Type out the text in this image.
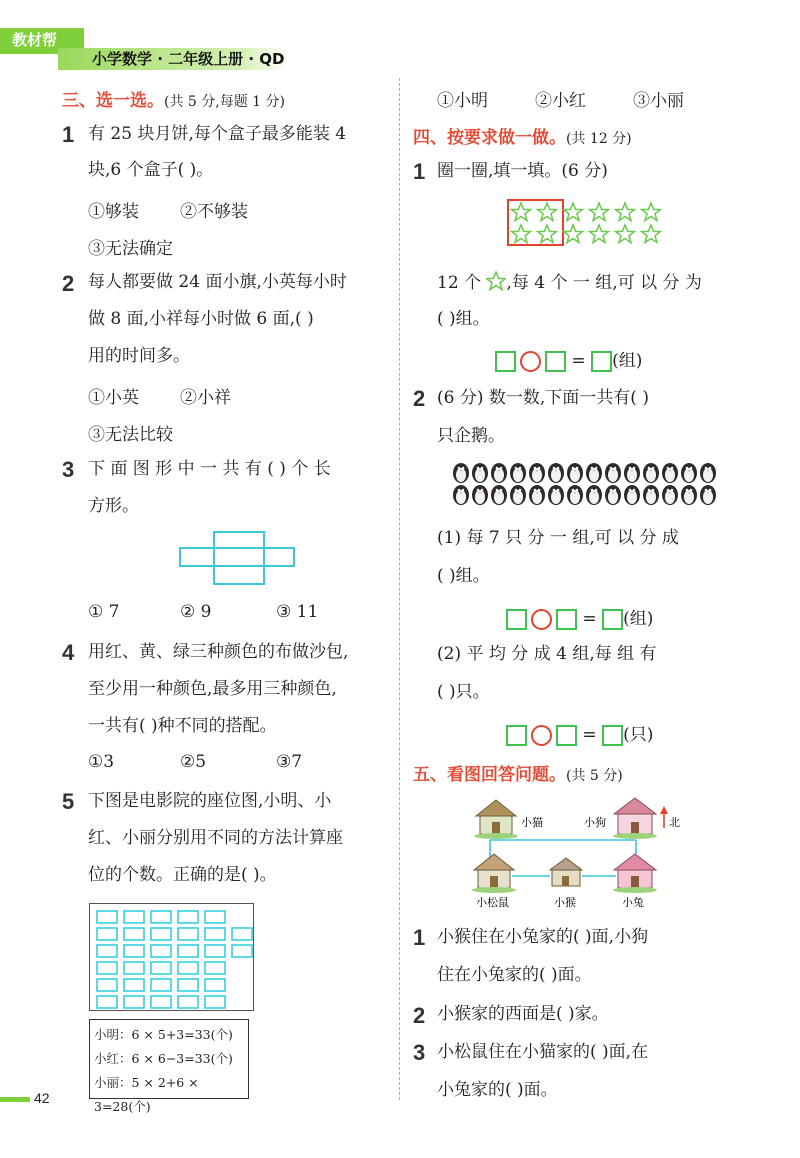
教材帮
小学数学 · 二年级上册 · QD
三、选一选。(共 5 分,每题 1 分)
1 有 25 块月饼,每个盒子最多能装 4
块,6 个盒子( )。
①够装 ②不够装
③无法确定
2 每人都要做 24 面小旗,小英每小时
做 8 面,小祥每小时做 6 面,( )
用的时间多。
①小英 ②小祥
③无法比较
3 下 面 图 形 中 一 共 有 ( ) 个 长
方形。
① 7	② 9	③ 11
4 用红、黄、绿三种颜色的布做沙包,
至少用一种颜色,最多用三种颜色,
一共有( )种不同的搭配。
①3	②5	③7
5 下图是电影院的座位图,小明、小
红、小丽分别用不同的方法计算座
位的个数。正确的是( )。
小明：6 × 5+3=33(个)
小红：6 × 6−3=33(个)
小丽：5 × 2+6 × 3=28(个)
42
①小明	②小红	③小丽
四、按要求做一做。(共 12 分)
1 圈一圈,填一填。(6 分)
12 个 ,每 4 个 一 组,可 以 分 为
( )组。
= (组)
2 (6 分) 数一数,下面一共有( )
只企鹅。
(1) 每 7 只 分 一 组,可 以 分 成
( )组。
= (组)
(2) 平 均 分 成 4 组,每 组 有
( )只。
= (只)
五、看图回答问题。(共 5 分)
小猫	小狗	北
小松鼠	小猴	小兔
1 小猴住在小兔家的( )面,小狗
住在小兔家的( )面。
2 小猴家的西面是( )家。
3 小松鼠住在小猫家的( )面,在
小兔家的( )面。
